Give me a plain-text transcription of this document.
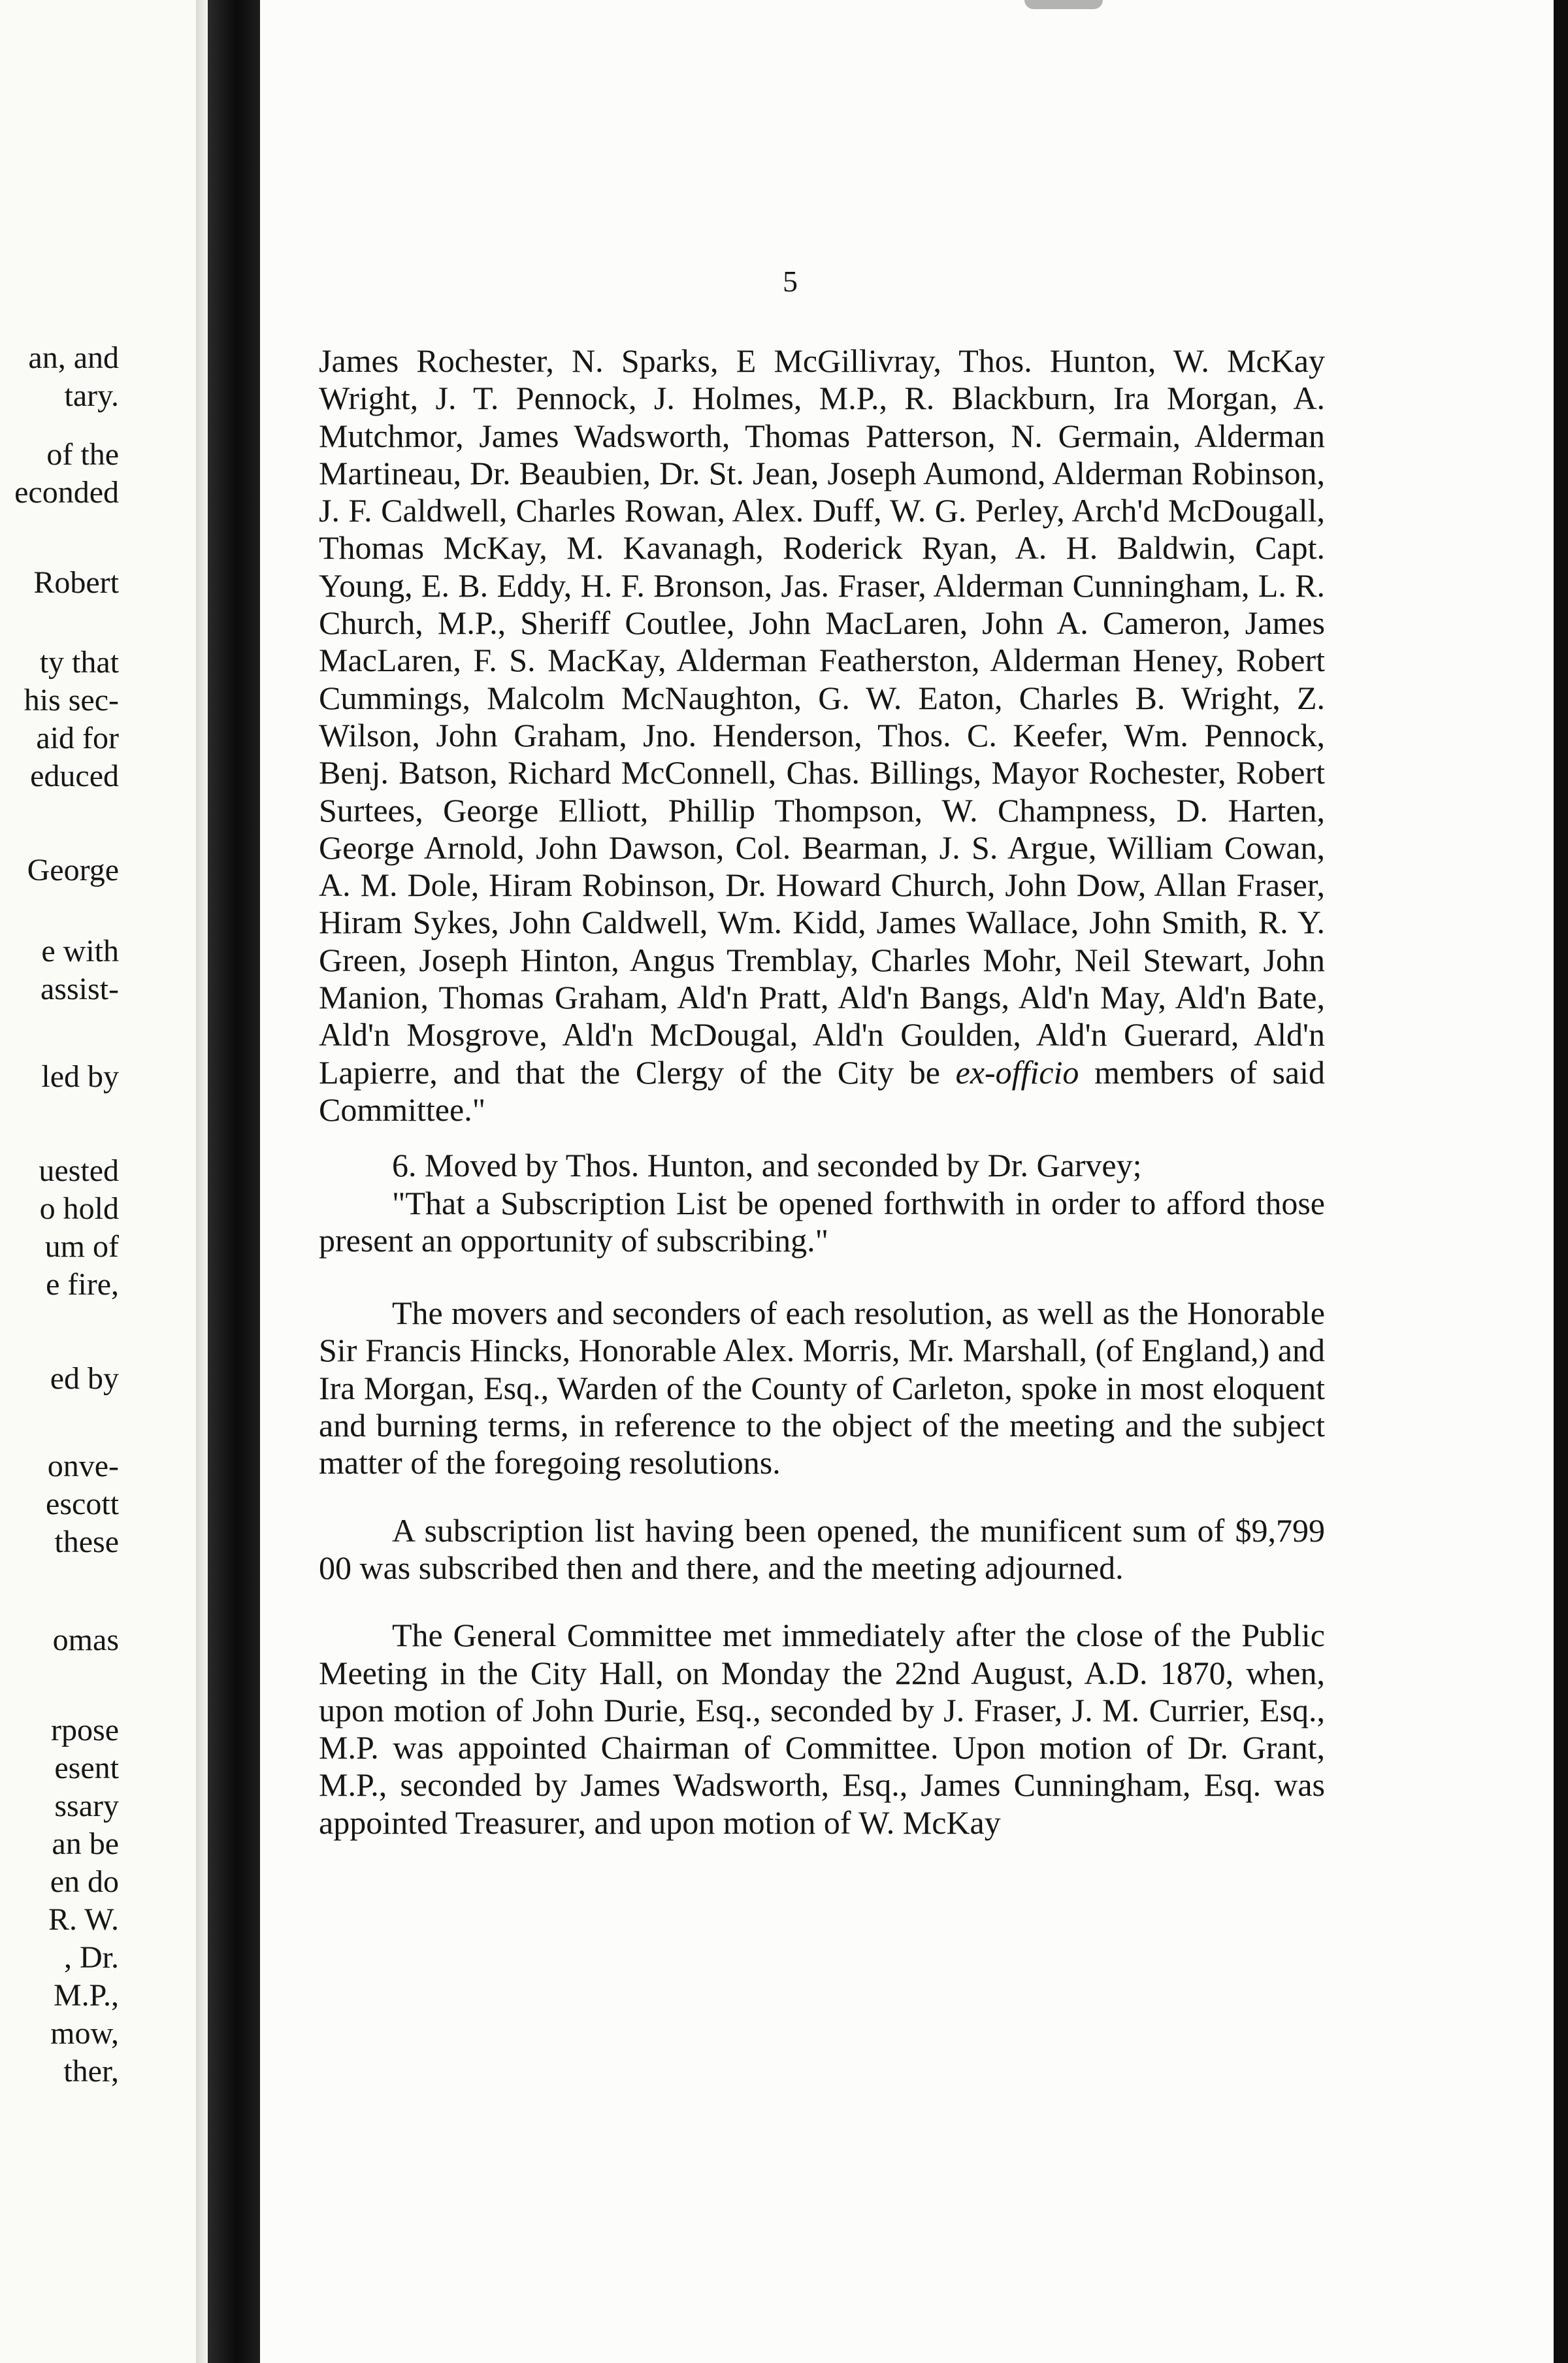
an, and
tary.
of the
econded
Robert
ty that
his sec-
aid for
educed
George
e with
assist-
led by
uested
o hold
um of
e fire,
ed by
onve-
escott
these
omas
rpose
esent
ssary
an be
en do
R. W.
, Dr.
M.P.,
mow,
ther,
5

James Rochester, N. Sparks, E McGillivray, Thos. Hunton, W. McKay Wright, J. T. Pennock, J. Holmes, M.P., R. Blackburn, Ira Morgan, A. Mutchmor, James Wadsworth, Thomas Patterson, N. Germain, Alderman Martineau, Dr. Beaubien, Dr. St. Jean, Joseph Aumond, Alderman Robinson, J. F. Caldwell, Charles Rowan, Alex. Duff, W. G. Perley, Arch'd McDougall, Thomas McKay, M. Kavanagh, Roderick Ryan, A. H. Baldwin, Capt. Young, E. B. Eddy, H. F. Bronson, Jas. Fraser, Alderman Cunningham, L. R. Church, M.P., Sheriff Coutlee, John MacLaren, John A. Cameron, James MacLaren, F. S. MacKay, Alderman Featherston, Alderman Heney, Robert Cummings, Malcolm McNaughton, G. W. Eaton, Charles B. Wright, Z. Wilson, John Graham, Jno. Henderson, Thos. C. Keefer, Wm. Pennock, Benj. Batson, Richard McConnell, Chas. Billings, Mayor Rochester, Robert Surtees, George Elliott, Phillip Thompson, W. Champness, D. Harten, George Arnold, John Dawson, Col. Bearman, J. S. Argue, William Cowan, A. M. Dole, Hiram Robinson, Dr. Howard Church, John Dow, Allan Fraser, Hiram Sykes, John Caldwell, Wm. Kidd, James Wallace, John Smith, R. Y. Green, Joseph Hinton, Angus Tremblay, Charles Mohr, Neil Stewart, John Manion, Thomas Graham, Ald'n Pratt, Ald'n Bangs, Ald'n May, Ald'n Bate, Ald'n Mosgrove, Ald'n McDougal, Ald'n Goulden, Ald'n Guerard, Ald'n Lapierre, and that the Clergy of the City be ex-officio members of said Committee."

6. Moved by Thos. Hunton, and seconded by Dr. Garvey;

"That a Subscription List be opened forthwith in order to afford those present an opportunity of subscribing."

The movers and seconders of each resolution, as well as the Honorable Sir Francis Hincks, Honorable Alex. Morris, Mr. Marshall, (of England,) and Ira Morgan, Esq., Warden of the County of Carleton, spoke in most eloquent and burning terms, in reference to the object of the meeting and the subject matter of the foregoing resolutions.

A subscription list having been opened, the munificent sum of $9,799 00 was subscribed then and there, and the meeting adjourned.

The General Committee met immediately after the close of the Public Meeting in the City Hall, on Monday the 22nd August, A.D. 1870, when, upon motion of John Durie, Esq., seconded by J. Fraser, J. M. Currier, Esq., M.P. was appointed Chairman of Committee. Upon motion of Dr. Grant, M.P., seconded by James Wadsworth, Esq., James Cunningham, Esq. was appointed Treasurer, and upon motion of W. McKay
